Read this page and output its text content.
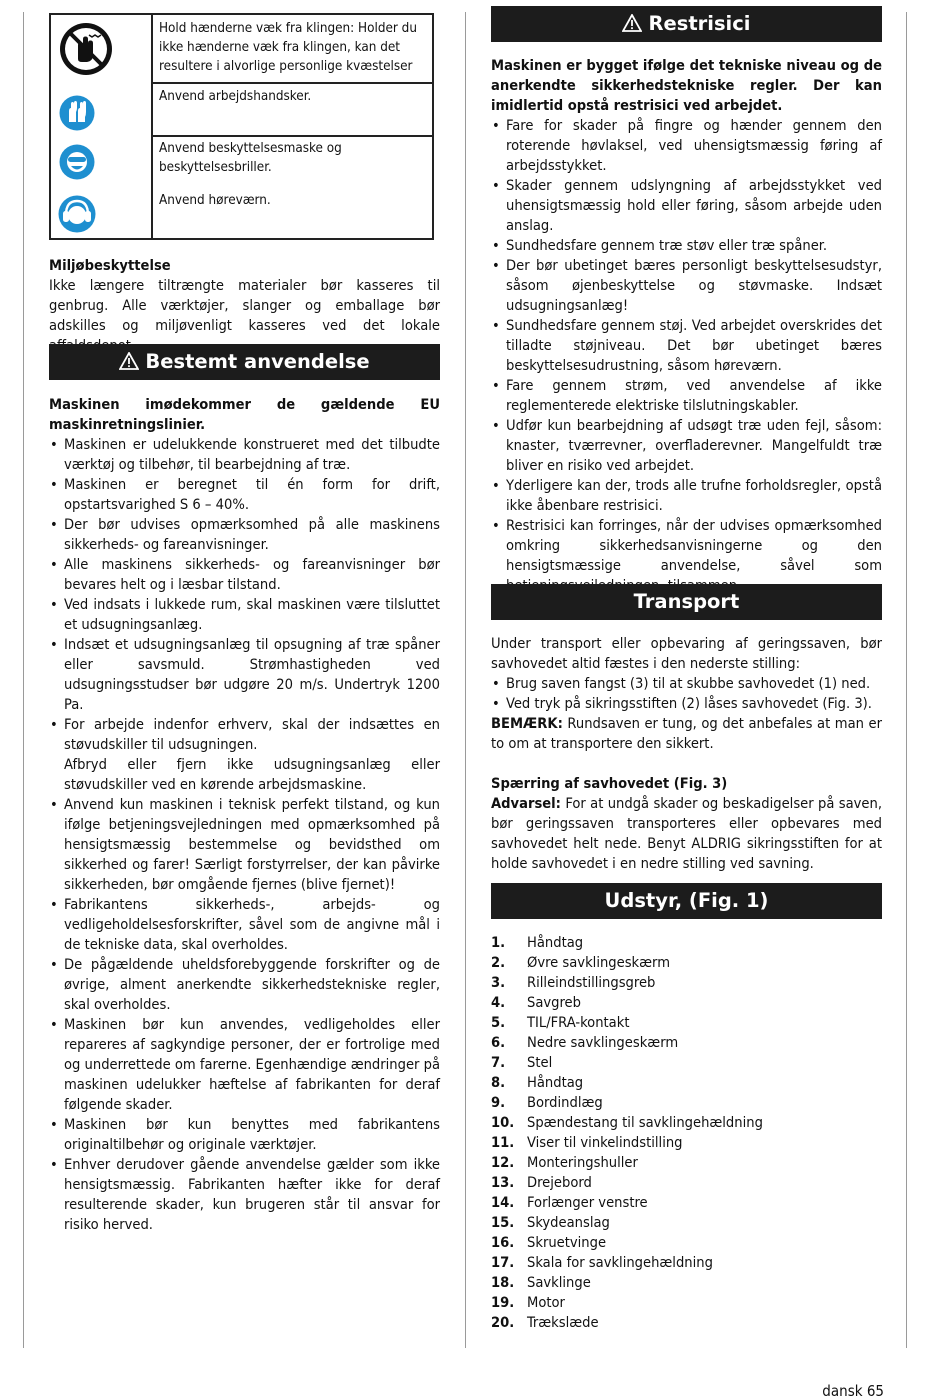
Hold hænderne væk fra klingen: Holder du ikke hænderne væk fra klingen, kan det resultere i alvorlige personlige kvæstelser
Anvend arbejdshandsker.
Anvend beskyttelsesmaske og beskyttelsesbriller.
Anvend høreværn.

Miljøbeskyttelse

Ikke længere tiltrængte materialer bør kasseres til genbrug. Alle værktøjer, slanger og emballage bør adskilles og miljøvenligt kasseres ved det lokale

Bestemt anvendelse

Maskinen imødekommer de gældende EU maskinretningslinier.

• Maskinen er udelukkende konstrueret med det tilbudte værktøj og tilbehør, til bearbejdning af træ.
• Maskinen er beregnet til én form for drift, opstartsvarighed S 6 – 40%.
• Der bør udvises opmærksomhed på alle maskinens sikkerheds- og fareanvisninger.
• Alle maskinens sikkerheds- og fareanvisninger bør bevares helt og i læsbar tilstand.
• Ved indsats i lukkede rum, skal maskinen være tilsluttet et udsugningsanlæg.
• Indsæt et udsugningsanlæg til opsugning af træ spåner eller savsmuld. Strømhastigheden ved udsugningsstudser bør udgøre 20 m/s. Undertryk 1200 Pa.
• For arbejde indenfor erhverv, skal der indsættes en støvudskiller til udsugningen.
Afbryd eller fjern ikke udsugningsanlæg eller støvudskiller ved en kørende arbejdsmaskine.
• Anvend kun maskinen i teknisk perfekt tilstand, og kun ifølge betjeningsvejledningen med opmærksomhed på hensigtsmæssig bestemmelse og bevidsthed om sikkerhed og farer! Særligt forstyrrelser, der kan påvirke sikkerheden, bør omgående fjernes (blive fjernet)!
• Fabrikantens sikkerheds-, arbejds- og vedligeholdelsesforskrifter, såvel som de angivne mål i de tekniske data, skal overholdes.
• De pågældende uheldsforebyggende forskrifter og de øvrige, alment anerkendte sikkerhedstekniske regler, skal overholdes.
• Maskinen bør kun anvendes, vedligeholdes eller repareres af sagkyndige personer, der er fortrolige med og underrettede om farerne. Egenhændige ændringer på maskinen udelukker hæftelse af fabrikanten for deraf følgende skader.
• Maskinen bør kun benyttes med fabrikantens originaltilbehør og originale værktøjer.
• Enhver derudover gående anvendelse gælder som ikke hensigtsmæssig. Fabrikanten hæfter ikke for deraf resulterende skader, kun brugeren står til ansvar for risiko herved.
Restrisici

Maskinen er bygget ifølge det tekniske niveau og de anerkendte sikkerhedstekniske regler. Der kan imidlertid opstå restrisici ved arbejdet.

• Fare for skader på fingre og hænder gennem den roterende høvlaksel, ved uhensigtsmæssig føring af arbejdsstykket.
• Skader gennem udslyngning af arbejdsstykket ved uhensigtsmæssig hold eller føring, såsom arbejde uden anslag.
• Sundhedsfare gennem træ støv eller træ spåner.
• Der bør ubetinget bæres personligt beskyttelsesudstyr, såsom øjenbeskyttelse og støvmaske. Indsæt udsugningsanlæg!
• Sundhedsfare gennem støj. Ved arbejdet overskrides det tilladte støjniveau. Det bør ubetinget bæres beskyttelsesudrustning, såsom høreværn.
• Fare gennem strøm, ved anvendelse af ikke reglementerede elektriske tilslutningskabler.
• Udfør kun bearbejdning af udsøgt træ uden fejl, såsom: knaster, tværrevner, overfladerevner. Mangelfuldt træ bliver en risiko ved arbejdet.
• Yderligere kan der, trods alle trufne forholdsregler, opstå ikke åbenbare restrisici.
• Restrisici kan forringes, når der udvises opmærksomhed omkring sikkerhedsanvisningerne og den hensigtsmæssige anvendelse, såvel som
Transport

Under transport eller opbevaring af geringssaven, bør savhovedet altid fæstes i den nederste stilling:

• Brug saven fangst (3) til at skubbe savhovedet (1) ned.
• Ved tryk på sikringsstiften (2) låses savhovedet (Fig. 3).

BEMÆRK: Rundsaven er tung, og det anbefales at man er to om at transportere den sikkert.

Spærring af savhovedet (Fig. 3)

Advarsel: For at undgå skader og beskadigelser på saven, bør geringssaven transporteres eller opbevares med savhovedet helt nede. Benyt ALDRIG sikringsstiften for at holde savhovedet i en nedre stilling ved savning.

Udstyr, (Fig. 1)
1.	Håndtag
2.	Øvre savklingeskærm
3.	Rilleindstillingsgreb
4.	Savgreb
5.	TIL/FRA-kontakt
6.	Nedre savklingeskærm
7.	Stel
8.	Håndtag
9.	Bordindlæg
10. Spændestang til savklingehældning
11. Viser til vinkelindstilling
12. Monteringshuller
13. Drejebord
14. Forlænger venstre
15. Skydeanslag
16. Skruetvinge
17. Skala for savklingehældning
18. Savklinge
19. Motor
20. Trækslæde
dansk 65
